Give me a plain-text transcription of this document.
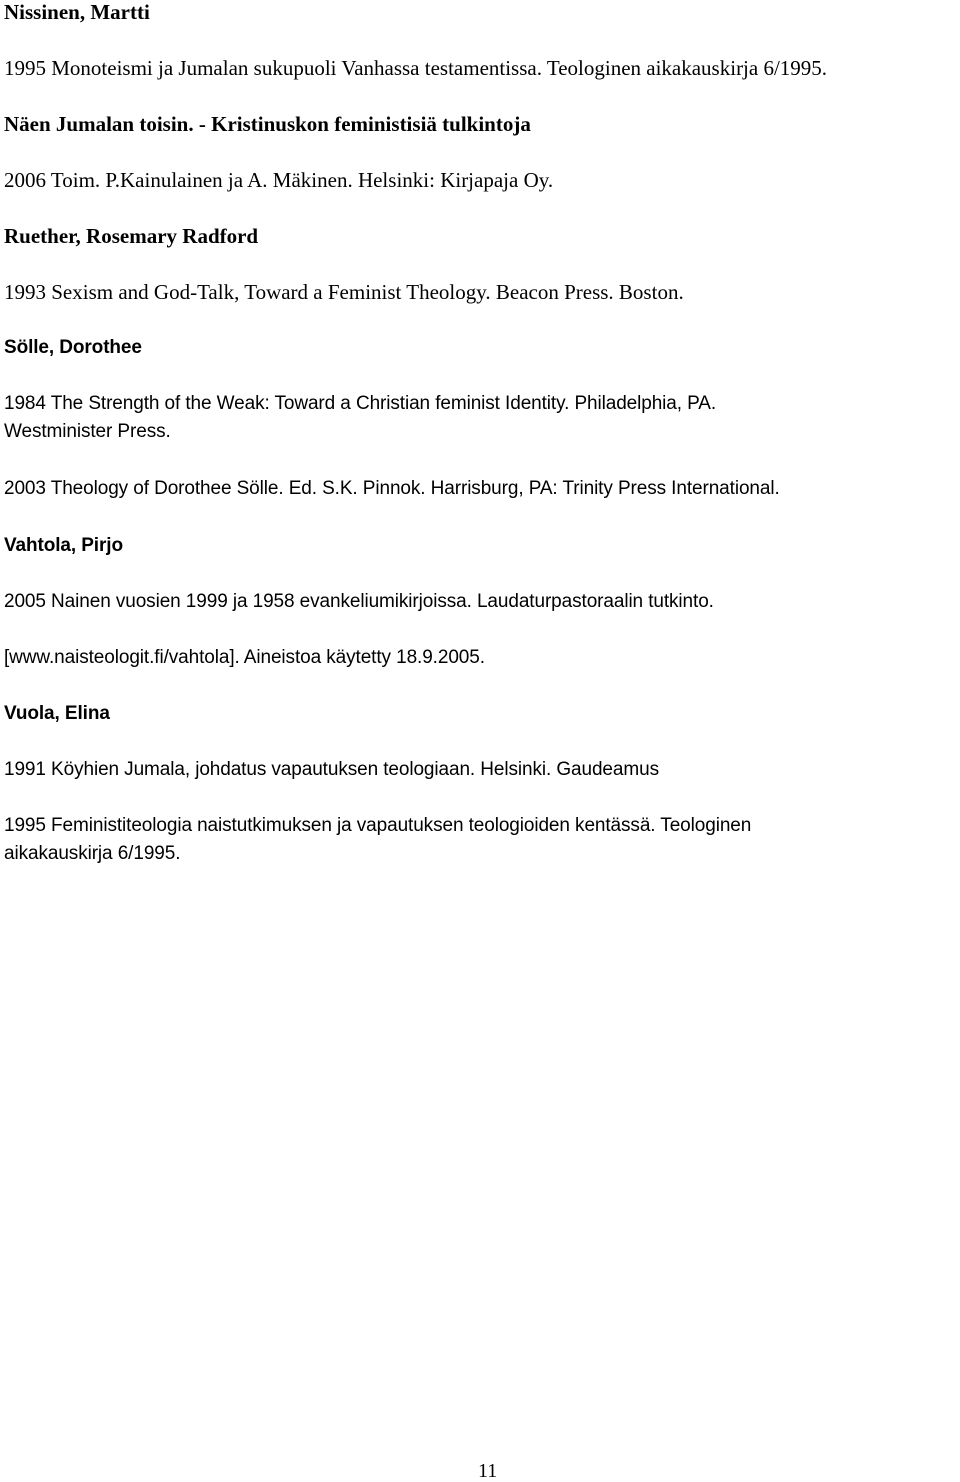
Nissinen, Martti
1995 Monoteismi ja Jumalan sukupuoli Vanhassa testamentissa. Teologinen aikakauskirja 6/1995.
Näen Jumalan toisin. - Kristinuskon feministisiä tulkintoja
2006 Toim. P.Kainulainen ja A. Mäkinen. Helsinki: Kirjapaja Oy.
Ruether, Rosemary Radford
1993 Sexism and God-Talk, Toward a Feminist Theology. Beacon Press. Boston.
Sölle, Dorothee
1984 The Strength of the Weak: Toward a Christian feminist Identity. Philadelphia, PA.
Westminister Press.
2003 Theology of Dorothee Sölle. Ed. S.K. Pinnok. Harrisburg, PA: Trinity Press International.
Vahtola, Pirjo
2005 Nainen vuosien 1999 ja 1958 evankeliumikirjoissa. Laudaturpastoraalin tutkinto.
[www.naisteologit.fi/vahtola]. Aineistoa käytetty 18.9.2005.
Vuola, Elina
1991 Köyhien Jumala, johdatus vapautuksen teologiaan. Helsinki. Gaudeamus
1995 Feministiteologia naistutkimuksen ja vapautuksen teologioiden kentässä. Teologinen
aikakauskirja 6/1995.
11
